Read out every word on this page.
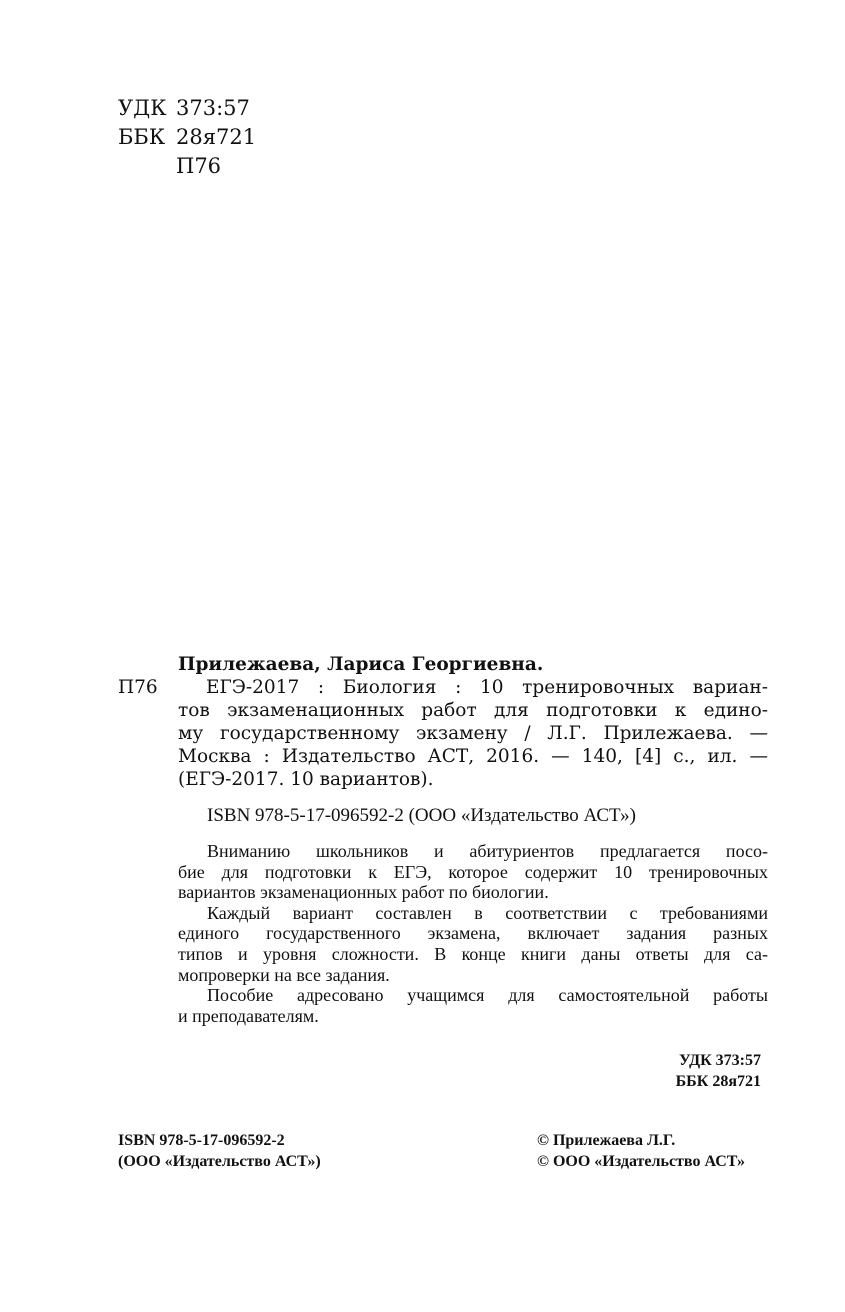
УДК 373:57
ББК 28я721
П76
Прилежаева, Лариса Георгиевна.
П76	ЕГЭ-2017 : Биология : 10 тренировочных вариан-
тов экзаменационных работ для подготовки к едино-
му государственному экзамену / Л.Г. Прилежаева. —
Москва : Издательство АСТ, 2016. — 140, [4] с., ил. —
(ЕГЭ-2017. 10 вариантов).
ISBN 978-5-17-096592-2 (ООО «Издательство АСТ»)
Вниманию школьников и абитуриентов предлагается посо-
бие для подготовки к ЕГЭ, которое содержит 10 тренировочных
вариантов экзаменационных работ по биологии.
Каждый вариант составлен в соответствии с требованиями
единого государственного экзамена, включает задания разных
типов и уровня сложности. В конце книги даны ответы для са-
мопроверки на все задания.
Пособие адресовано учащимся для самостоятельной работы
и преподавателям.
УДК 373:57
ББК 28я721
ISBN 978-5-17-096592-2
(ООО «Издательство АСТ»)
© Прилежаева Л.Г.
© ООО «Издательство АСТ»
